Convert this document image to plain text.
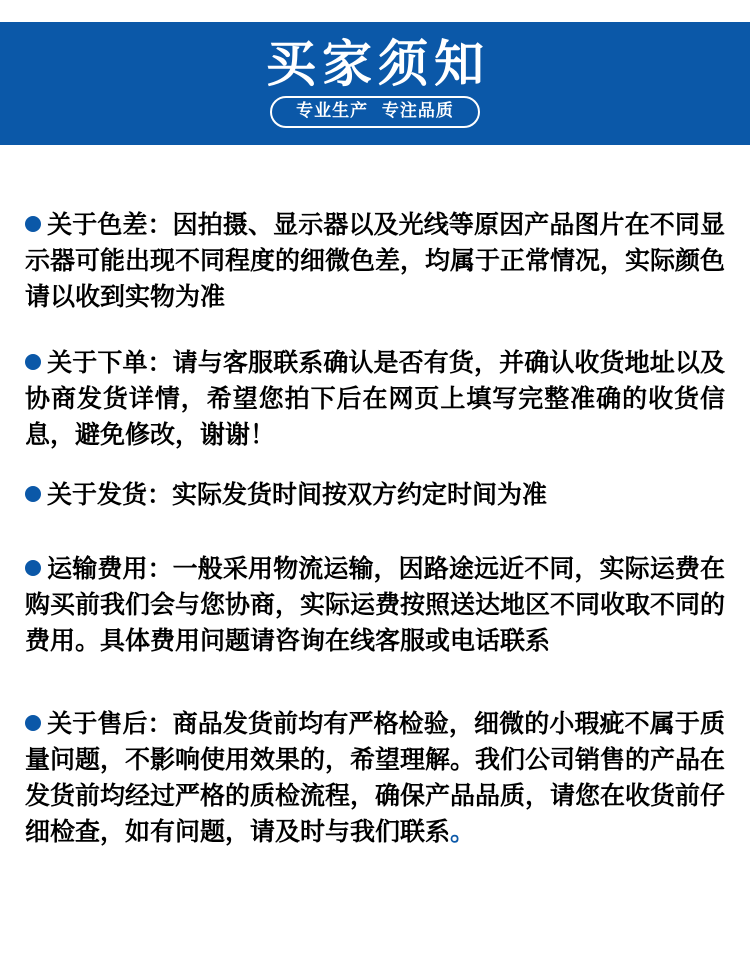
买家须知
专业生产  专注品质

关于色差：因拍摄、显示器以及光线等原因产品图片在不同显示器可能出现不同程度的细微色差，均属于正常情况，实际颜色请以收到实物为准

关于下单：请与客服联系确认是否有货，并确认收货地址以及协商发货详情，希望您拍下后在网页上填写完整准确的收货信息，避免修改，谢谢！

关于发货：实际发货时间按双方约定时间为准

运输费用：一般采用物流运输，因路途远近不同，实际运费在购买前我们会与您协商，实际运费按照送达地区不同收取不同的费用。具体费用问题请咨询在线客服或电话联系

关于售后：商品发货前均有严格检验，细微的小瑕疵不属于质量问题，不影响使用效果的，希望理解。我们公司销售的产品在发货前均经过严格的质检流程，确保产品品质，请您在收货前仔细检查，如有问题，请及时与我们联系。
